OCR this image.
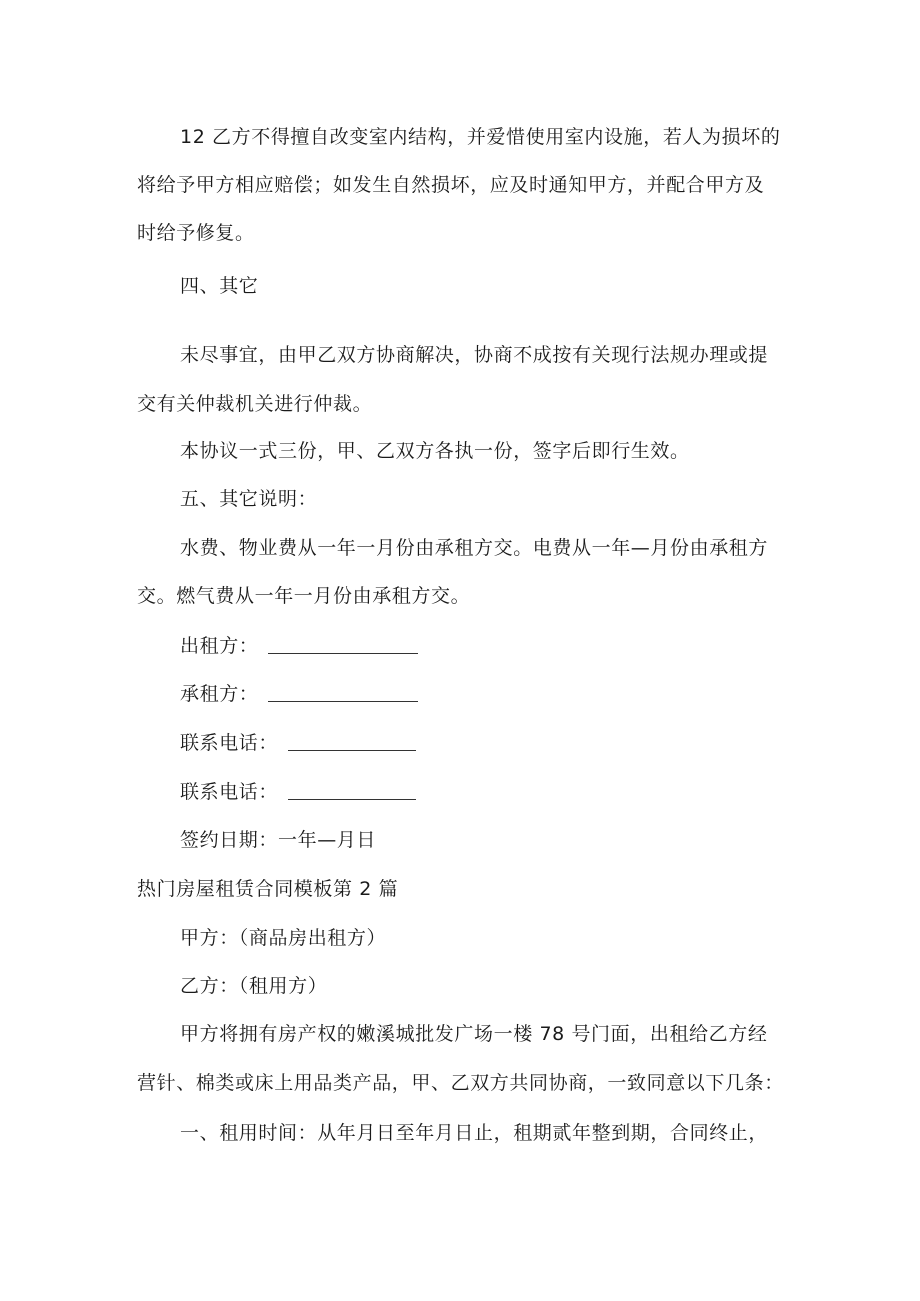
12 乙方不得擅自改变室内结构，并爱惜使用室内设施，若人为损坏的
将给予甲方相应赔偿；如发生自然损坏，应及时通知甲方，并配合甲方及
时给予修复。
四、其它
未尽事宜，由甲乙双方协商解决，协商不成按有关现行法规办理或提
交有关仲裁机关进行仲裁。
本协议一式三份，甲、乙双方各执一份，签字后即行生效。
五、其它说明：
水费、物业费从一年一月份由承租方交。电费从一年—月份由承租方
交。燃气费从一年一月份由承租方交。
出租方：
承租方：
联系电话：
联系电话：
签约日期：一年—月日
热门房屋租赁合同模板第 2 篇
甲方：（商品房出租方）
乙方：（租用方）
甲方将拥有房产权的嫩溪城批发广场一楼 78 号门面，出租给乙方经
营针、棉类或床上用品类产品，甲、乙双方共同协商，一致同意以下几条：
一、租用时间：从年月日至年月日止，租期贰年整到期，合同终止，
